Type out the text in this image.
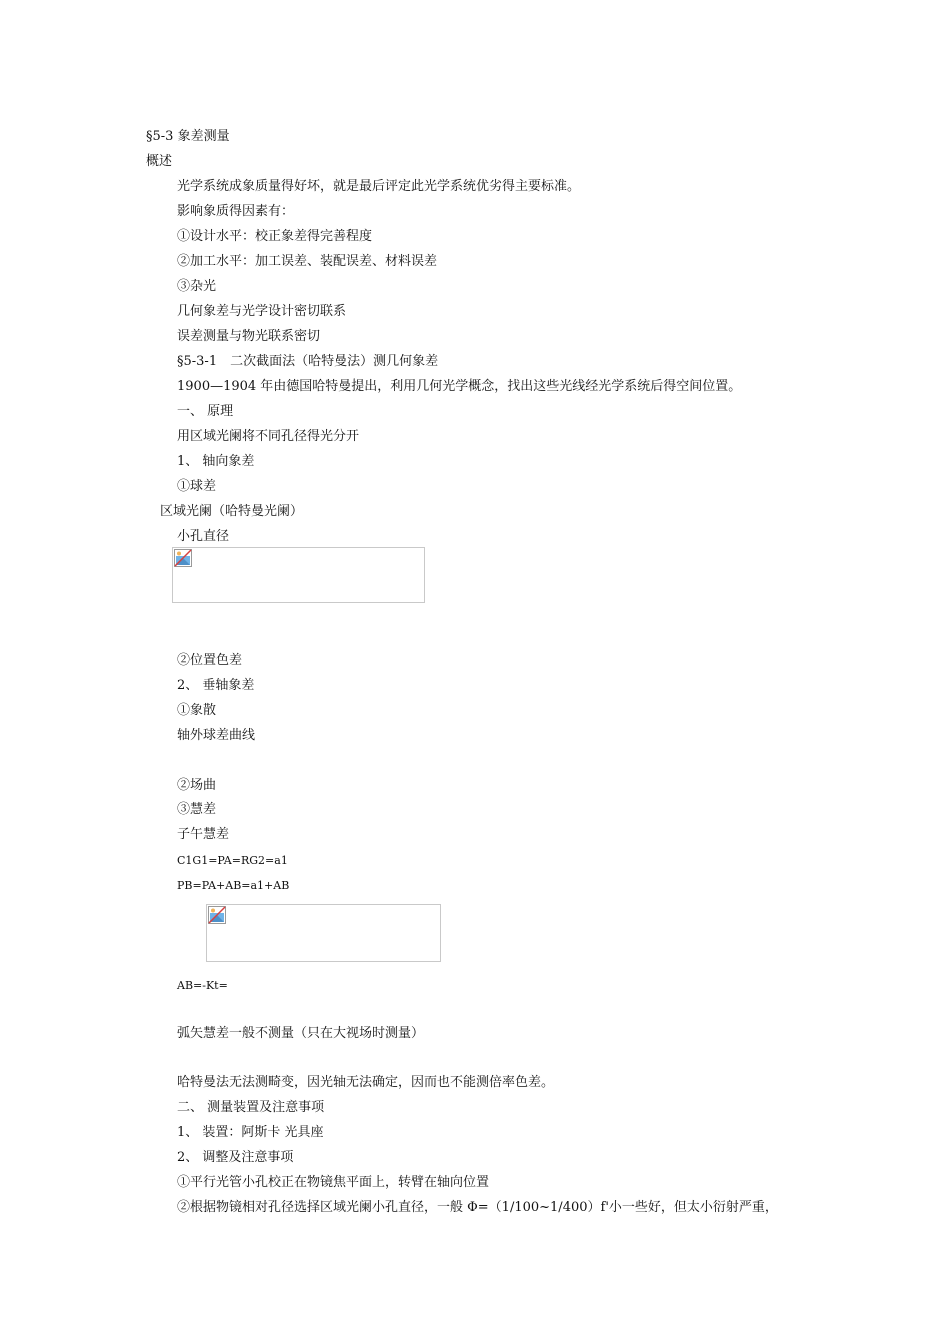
§5-3 象差测量
概述
光学系统成象质量得好坏，就是最后评定此光学系统优劣得主要标准。
影响象质得因素有：
①设计水平：校正象差得完善程度
②加工水平：加工误差、装配误差、材料误差
③杂光
几何象差与光学设计密切联系
误差测量与物光联系密切
§5-3-1　二次截面法（哈特曼法）测几何象差
1900—1904 年由德国哈特曼提出，利用几何光学概念，找出这些光线经光学系统后得空间位置。
一、 原理
用区域光阑将不同孔径得光分开
1、 轴向象差
①球差
区域光阑（哈特曼光阑）
小孔直径
②位置色差
2、 垂轴象差
①象散
轴外球差曲线
②场曲
③慧差
子午慧差
C1G1=PA=RG2=a1
PB=PA+AB=a1+AB
AB=-Kt=
弧矢慧差一般不测量（只在大视场时测量）
哈特曼法无法测畸变，因光轴无法确定，因而也不能测倍率色差。
二、 测量装置及注意事项
1、 装置：阿斯卡 光具座
2、 调整及注意事项
①平行光管小孔校正在物镜焦平面上，转臂在轴向位置
②根据物镜相对孔径选择区域光阑小孔直径，一般 Φ=（1/100~1/400）f'小一些好，但太小衍射严重，
